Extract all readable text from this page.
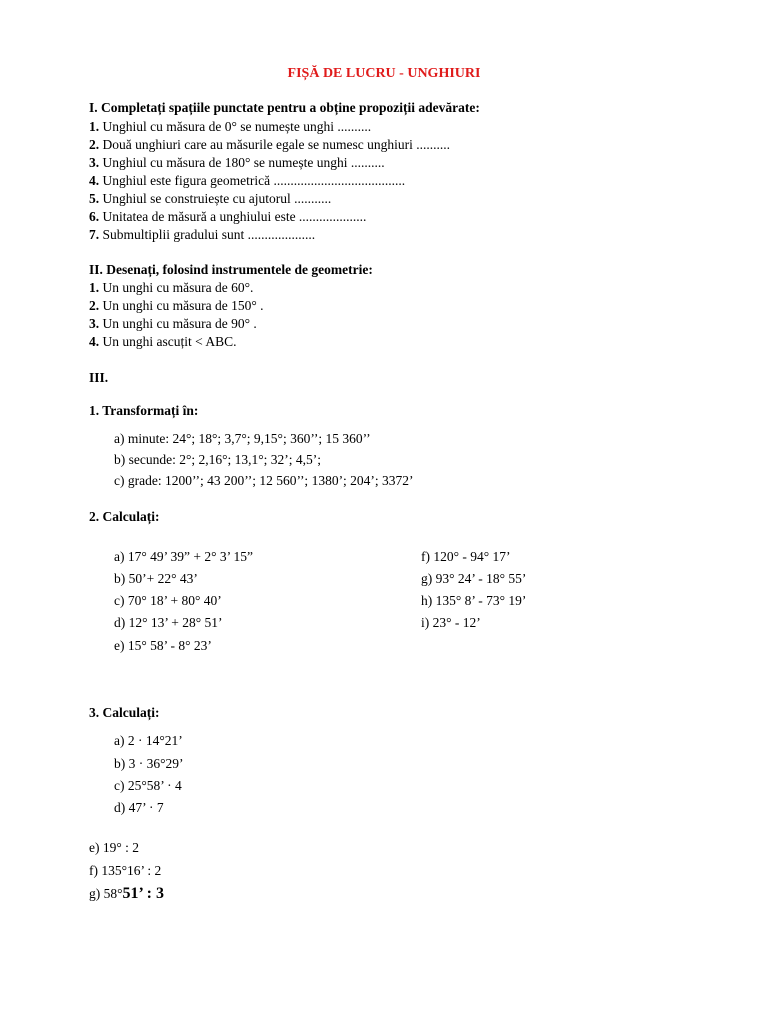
FIȘĂ DE LUCRU - UNGHIURI
I. Completați spațiile punctate pentru a obține propoziții adevărate:
1. Unghiul cu măsura de 0° se numește unghi ..........
2. Două unghiuri care au măsurile egale se numesc unghiuri ..........
3. Unghiul cu măsura de 180° se numește unghi ..........
4. Unghiul este figura geometrică .......................................
5. Unghiul se construiește cu ajutorul ...........
6. Unitatea de măsură a unghiului este ....................
7. Submultiplii gradului sunt ....................
II. Desenați, folosind instrumentele de geometrie:
1. Un unghi cu măsura de 60°.
2. Un unghi cu măsura de 150° .
3. Un unghi cu măsura de 90° .
4. Un unghi ascuțit < ABC.
III.
1. Transformați în:
a) minute: 24°; 18°; 3,7°; 9,15°; 360’’; 15 360’’
b) secunde: 2°; 2,16°; 13,1°; 32’; 4,5’;
c) grade: 1200’’; 43 200’’; 12 560’’; 1380’; 204’; 3372’
2. Calculați:
a) 17° 49’ 39” + 2° 3’ 15”
b) 50’+ 22° 43’
c) 70° 18’ + 80° 40’
d) 12° 13’ + 28° 51’
e) 15° 58’ - 8° 23’
f) 120° - 94° 17’
g) 93° 24’ - 18° 55’
h) 135° 8’ - 73° 19’
i) 23° - 12’
3. Calculați:
a) 2 · 14°21’
b) 3 · 36°29’
c) 25°58’ · 4
d) 47’ · 7
e) 19° : 2
f) 135°16’ : 2
g) 58°51’ : 3
